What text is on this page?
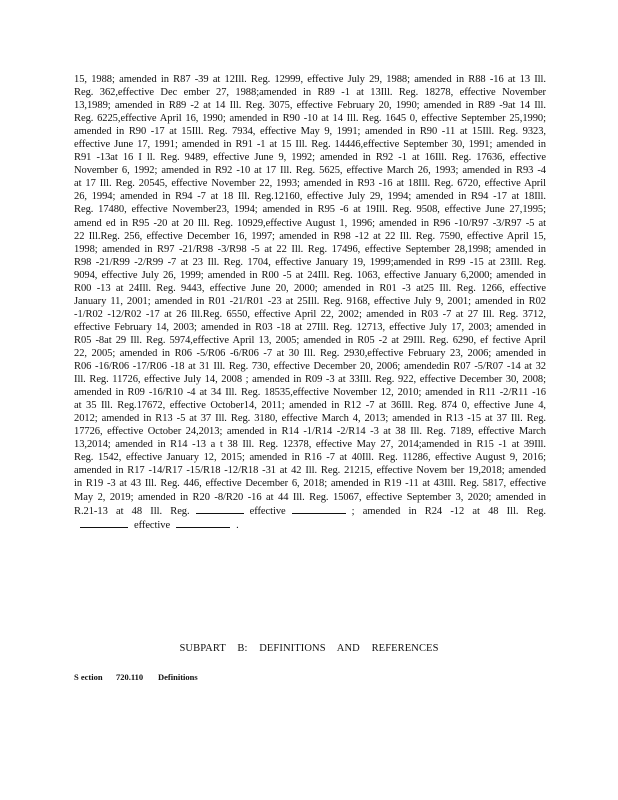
15, 1988; amended in R87 -39 at 12Ill. Reg. 12999, effective July 29, 1988; amended in R88 -16 at 13 Ill. Reg. 362,effective Dec ember 27, 1988;amended in R89 -1 at 13Ill. Reg. 18278, effective November 13,1989; amended in R89 -2 at 14 Ill. Reg. 3075, effective February 20, 1990; amended in R89 -9at 14 Ill. Reg. 6225,effective April 16, 1990; amended in R90 -10 at 14 Ill. Reg. 1645 0, effective September 25,1990; amended in R90 -17 at 15Ill. Reg. 7934, effective May 9, 1991; amended in R90 -11 at 15Ill. Reg. 9323, effective June 17, 1991; amended in R91 -1 at 15 Ill. Reg. 14446,effective September 30, 1991; amended in R91 -13at 16 I ll. Reg. 9489, effective June 9, 1992; amended in R92 -1 at 16Ill. Reg. 17636, effective November 6, 1992; amended in R92 -10 at 17 Ill. Reg. 5625, effective March 26, 1993; amended in R93 -4 at 17 Ill. Reg. 20545, effective November 22, 1993; amended in R93 -16 at 18Ill. Reg. 6720, effective April 26, 1994; amended in R94 -7 at 18 Ill. Reg.12160, effective July 29, 1994; amended in R94 -17 at 18Ill. Reg. 17480, effective November23, 1994; amended in R95 -6 at 19Ill. Reg. 9508, effective June 27,1995; amend ed in R95 -20 at 20 Ill. Reg. 10929,effective August 1, 1996; amended in R96 -10/R97 -3/R97 -5 at 22 Ill.Reg. 256, effective December 16, 1997; amended in R98 -12 at 22 Ill. Reg. 7590, effective April 15, 1998; amended in R97 -21/R98 -3/R98 -5 at 22 Ill. Reg. 17496, effective September 28,1998; amended in R98 -21/R99 -2/R99 -7 at 23 Ill. Reg. 1704, effective January 19, 1999;amended in R99 -15 at 23Ill. Reg. 9094, effective July 26, 1999; amended in R00 -5 at 24Ill. Reg. 1063, effective January 6,2000; amended in R00 -13 at 24Ill. Reg. 9443, effective June 20, 2000; amended in R01 -3 at25 Ill. Reg. 1266, effective January 11, 2001; amended in R01 -21/R01 -23 at 25Ill. Reg. 9168, effective July 9, 2001; amended in R02 -1/R02 -12/R02 -17 at 26 Ill.Reg. 6550, effective April 22, 2002; amended in R03 -7 at 27 Ill. Reg. 3712, effective February 14, 2003; amended in R03 -18 at 27Ill. Reg. 12713, effective July 17, 2003; amended in R05 -8at 29 Ill. Reg. 5974,effective April 13, 2005; amended in R05 -2 at 29Ill. Reg. 6290, ef fective April 22, 2005; amended in R06 -5/R06 -6/R06 -7 at 30 Ill. Reg. 2930,effective February 23, 2006; amended in R06 -16/R06 -17/R06 -18 at 31 Ill. Reg. 730, effective December 20, 2006; amendedin R07 -5/R07 -14 at 32 Ill. Reg. 11726, effective July 14, 2008 ; amended in R09 -3 at 33Ill. Reg. 922, effective December 30, 2008; amended in R09 -16/R10 -4 at 34 Ill. Reg. 18535,effective November 12, 2010; amended in R11 -2/R11 -16 at 35 Ill. Reg.17672, effective October14, 2011; amended in R12 -7 at 36Ill. Reg. 874 0, effective June 4, 2012; amended in R13 -5 at 37 Ill. Reg. 3180, effective March 4, 2013; amended in R13 -15 at 37 Ill. Reg. 17726, effective October 24,2013; amended in R14 -1/R14 -2/R14 -3 at 38 Ill. Reg. 7189, effective March 13,2014; amended in R14 -13 a t 38 Ill. Reg. 12378, effective May 27, 2014;amended in R15 -1 at 39Ill. Reg. 1542, effective January 12, 2015; amended in R16 -7 at 40Ill. Reg. 11286, effective August 9, 2016; amended in R17 -14/R17 -15/R18 -12/R18 -31 at 42 Ill. Reg. 21215, effective Novem ber 19,2018; amended in R19 -3 at 43 Ill. Reg. 446, effective December 6, 2018; amended in R19 -11 at 43Ill. Reg. 5817, effective May 2, 2019; amended in R20 -8/R20 -16 at 44 Ill. Reg. 15067, effective September 3, 2020; amended in R.21-13 at 48 Ill. Reg.	effective	; amended in R24 -12 at 48 Ill. Reg.effective	.

SUBPART B: DEFINITIONS AND REFERENCES

S ection 720.110 Definitions
